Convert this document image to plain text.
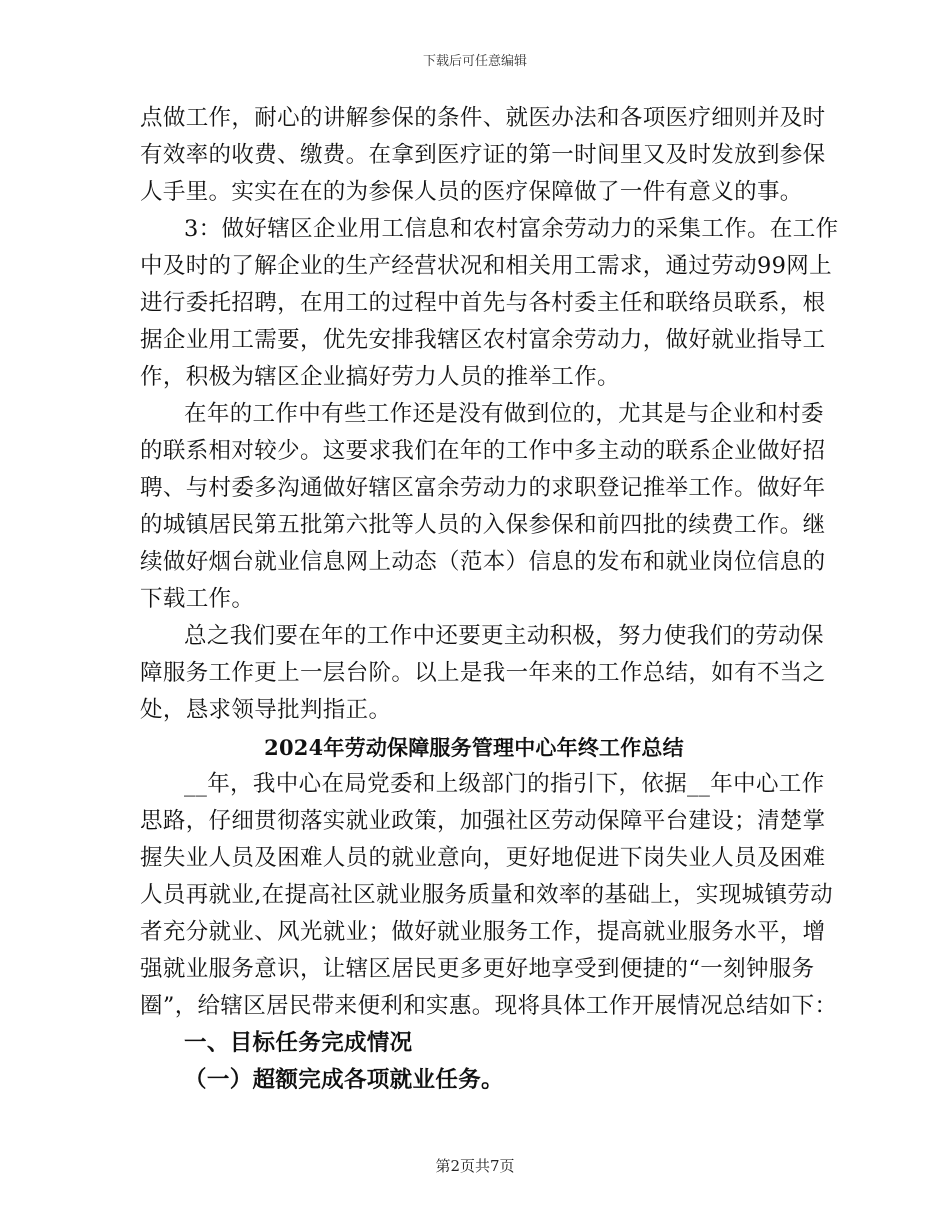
下载后可任意编辑
点做工作，耐心的讲解参保的条件、就医办法和各项医疗细则并及时
有效率的收费、缴费。在拿到医疗证的第一时间里又及时发放到参保
人手里。实实在在的为参保人员的医疗保障做了一件有意义的事。
3：做好辖区企业用工信息和农村富余劳动力的采集工作。在工作
中及时的了解企业的生产经营状况和相关用工需求，通过劳动99网上
进行委托招聘，在用工的过程中首先与各村委主任和联络员联系，根
据企业用工需要，优先安排我辖区农村富余劳动力，做好就业指导工
作，积极为辖区企业搞好劳力人员的推举工作。
在年的工作中有些工作还是没有做到位的，尤其是与企业和村委
的联系相对较少。这要求我们在年的工作中多主动的联系企业做好招
聘、与村委多沟通做好辖区富余劳动力的求职登记推举工作。做好年
的城镇居民第五批第六批等人员的入保参保和前四批的续费工作。继
续做好烟台就业信息网上动态（范本）信息的发布和就业岗位信息的
下载工作。
总之我们要在年的工作中还要更主动积极，努力使我们的劳动保
障服务工作更上一层台阶。以上是我一年来的工作总结，如有不当之
处，恳求领导批判指正。
2024年劳动保障服务管理中心年终工作总结
__年，我中心在局党委和上级部门的指引下，依据__年中心工作
思路，仔细贯彻落实就业政策，加强社区劳动保障平台建设；清楚掌
握失业人员及困难人员的就业意向，更好地促进下岗失业人员及困难
人员再就业,在提高社区就业服务质量和效率的基础上，实现城镇劳动
者充分就业、风光就业；做好就业服务工作，提高就业服务水平，增
强就业服务意识，让辖区居民更多更好地享受到便捷的“一刻钟服务
圈”，给辖区居民带来便利和实惠。现将具体工作开展情况总结如下：
一、目标任务完成情况
（一）超额完成各项就业任务。
第2页共7页
